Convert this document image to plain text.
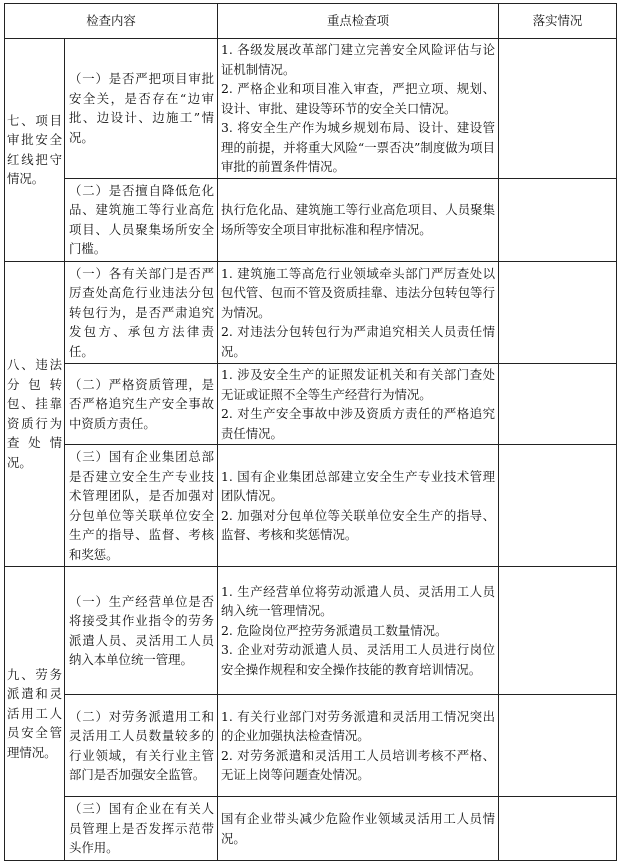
检查内容		重点检查项	落实情况
七、项目审批安全红线把守情况。	（一）是否严把项目审批安全关，是否存在“边审批、边设计、边施工”情况。	1. 各级发展改革部门建立完善安全风险评估与论证机制情况。
2. 严格企业和项目准入审查，严把立项、规划、设计、审批、建设等环节的安全关口情况。
3. 将安全生产作为城乡规划布局、设计、建设管理的前提，并将重大风险“一票否决”制度做为项目审批的前置条件情况。	

	（二）是否擅自降低危化品、建筑施工等行业高危项目、人员聚集场所安全门槛。	执行危化品、建筑施工等行业高危项目、人员聚集场所等安全项目审批标准和程序情况。	

八、违法分包转包、挂靠资质行为查处情况。	（一）各有关部门是否严厉查处高危行业违法分包转包行为，是否严肃追究发包方、承包方法律责任。	1. 建筑施工等高危行业领域牵头部门严厉查处以包代管、包而不管及资质挂靠、违法分包转包等行为情况。
2. 对违法分包转包行为严肃追究相关人员责任情况。	

	（二）严格资质管理，是否严格追究生产安全事故中资质方责任。	1. 涉及安全生产的证照发证机关和有关部门查处无证或证照不全等生产经营行为情况。
2. 对生产安全事故中涉及资质方责任的严格追究责任情况。	

	（三）国有企业集团总部是否建立安全生产专业技术管理团队，是否加强对分包单位等关联单位安全生产的指导、监督、考核和奖惩。	1. 国有企业集团总部建立安全生产专业技术管理团队情况。
2. 加强对分包单位等关联单位安全生产的指导、监督、考核和奖惩情况。	

九、劳务派遣和灵活用工人员安全管理情况。	（一）生产经营单位是否将接受其作业指令的劳务派遣人员、灵活用工人员纳入本单位统一管理。	1. 生产经营单位将劳动派遣人员、灵活用工人员纳入统一管理情况。
2. 危险岗位严控劳务派遣员工数量情况。
3. 企业对劳动派遣人员、灵活用工人员进行岗位安全操作规程和安全操作技能的教育培训情况。	

	（二）对劳务派遣用工和灵活用工人员数量较多的行业领域，有关行业主管部门是否加强安全监管。	1. 有关行业部门对劳务派遣和灵活用工情况突出的企业加强执法检查情况。
2. 对劳务派遣和灵活用工人员培训考核不严格、无证上岗等问题查处情况。	

	（三）国有企业在有关人员管理上是否发挥示范带头作用。	国有企业带头减少危险作业领域灵活用工人员情况。	
